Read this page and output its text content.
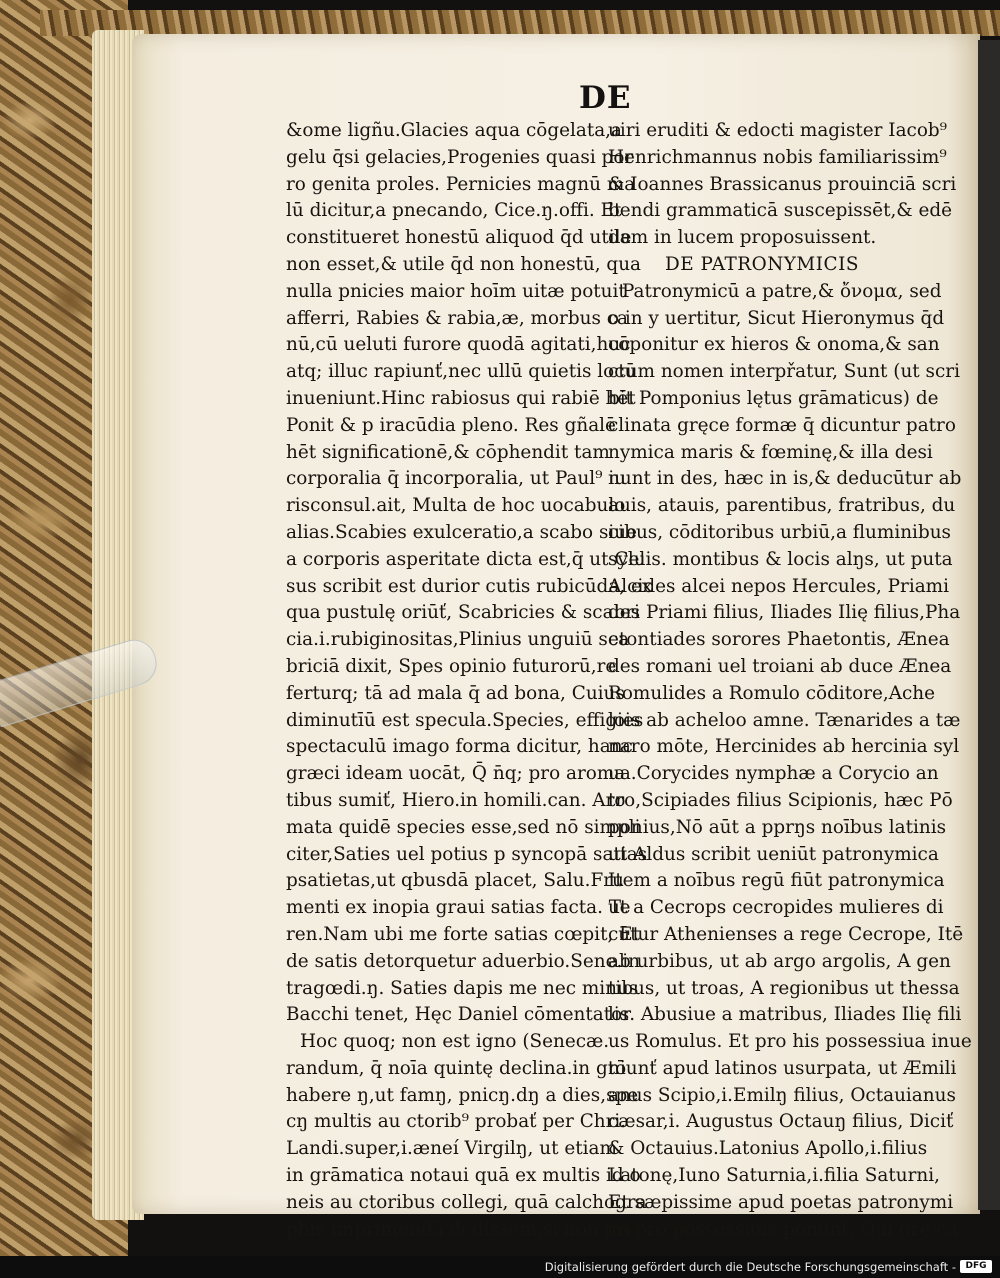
DE
&ome ligñu.Glacies aqua cōgelata,a
gelu q̄si gelacies,Progenies quasi por
ro genita proles. Pernicies magnū ma
lū dicitur,a pnecando, Cice.ŋ.offi. Et
constitueret honestū aliquod q̄d utile
non esset,& utile q̄d non honestū, qua
nulla pnicies maior hoīm uitæ potuit
afferri, Rabies & rabia,æ, morbus ca
nū,cū ueluti furore quodā agitati,huc
atq; illuc rapiunť,nec ullū quietis locū
inueniunt.Hinc rabiosus qui rabiē hēt
Ponit & p iracūdia pleno. Res gñalē
hēt significationē,& cōphendit tam
corporalia q̄ incorporalia, ut Paul⁹ iu
risconsul.ait, Multa de hoc uocabulo
alias.Scabies exulceratio,a scabo siue
a corporis asperitate dicta est,q̄ ut Cel
sus scribit est durior cutis rubicūda, ex
qua pustulę oriūť, Scabricies & scabri
cia.i.rubiginositas,Plinius unguiū sca
briciā dixit, Spes opinio futurorū,re
ferturq; tā ad mala q̄ ad bona, Cuius
diminutīū est specula.Species, effigies
spectaculū imago forma dicitur, hanc
græci ideam uocāt, Q̄ n̄q; pro aroma
tibus sumiť, Hiero.in homili.can. Aro
mata quidē species esse,sed nō simpli
citer,Saties uel potius p syncopā satias
psatietas,ut qbusdā placet, Salu.Fru
menti ex inopia graui satias facta. Te
ren.Nam ubi me forte satias cœpit, Et
de satis detorquetur aduerbio.Sene.in
tragœdi.ŋ. Saties dapis me nec minus
Bacchi tenet, Hęc Daniel cōmentator
Hoc quoq; non est igno (Senecæ.
randum, q̄ noīa quintę declina.in gtō
habere ŋ,ut famŋ, pnicŋ.dŋ a dies,spe
cŋ multis au ctorib⁹ probať per Chri.
Landi.super,i.æneí Virgilŋ, ut etiam
in grāmatica notaui quā ex multis id o
neis au ctoribus collegi, quā calchogra
phis imprimendā dedissem,si non pri
uiri eruditi & edocti magister Iacob⁹
Henrichmannus nobis familiarissim⁹
& Ioannes Brassicanus prouinciā scri
bendi grammaticā suscepissēt,& edē
dam in lucem proposuissent.
DE PATRONYMICIS
Patronymicū a patre,& ὄνομα, sed
o in y uertitur, Sicut Hieronymus q̄d
cōponitur ex hieros & onoma,& san
ctum nomen interpřatur, Sunt (ut scri
bit Pomponius lętus grāmaticus) de
clinata gręce formæ q̄ dicuntur patro
nymica maris & fœminę,& illa desi
nunt in des, hæc in is,& deducūtur ab
auis, atauis, parentibus, fratribus, du
cibus, cōditoribus urbiū,a fluminibus
syluis. montibus & locis alŋs, ut puta
Alcides alcei nepos Hercules, Priami
des Priami filius, Iliades Ilię filius,Pha
etontiades sorores Phaetontis, Ænea
des romani uel troiani ab duce Ænea
Romulides a Romulo cōditore,Ache
lois ab acheloo amne. Tænarides a tæ
naro mōte, Hercinides ab hercinia syl
ua.Corycides nymphæ a Corycio an
tro,Scipiades filius Scipionis, hæc Pō
ponius,Nō aūt a pprŋs noībus latinis
ut Aldus scribit ueniūt patronymica
Item a noībus regū fiūt patronymica
ut a Cecrops cecropides mulieres di
cūtur Athenienses a rege Cecrope, Itē
ab urbibus, ut ab argo argolis, A gen
tibus, ut troas, A regionibus ut thessa
lis. Abusiue a matribus, Iliades Ilię fili
us Romulus. Et pro his possessiua inue
niunť apud latinos usurpata, ut Æmili
anus Scipio,i.Emilŋ filius, Octauianus
cæsar,i. Augustus Octauŋ filius, Diciť
& Octauius.Latonius Apollo,i.filius
Latonę,Iuno Saturnia,i.filia Saturni,
Et sæpissime apud poetas patronymi
ca pro possessiuis ponunť, Qui grę ca
Digitalisierung gefördert durch die Deutsche Forschungsgemeinschaft -	DFG
